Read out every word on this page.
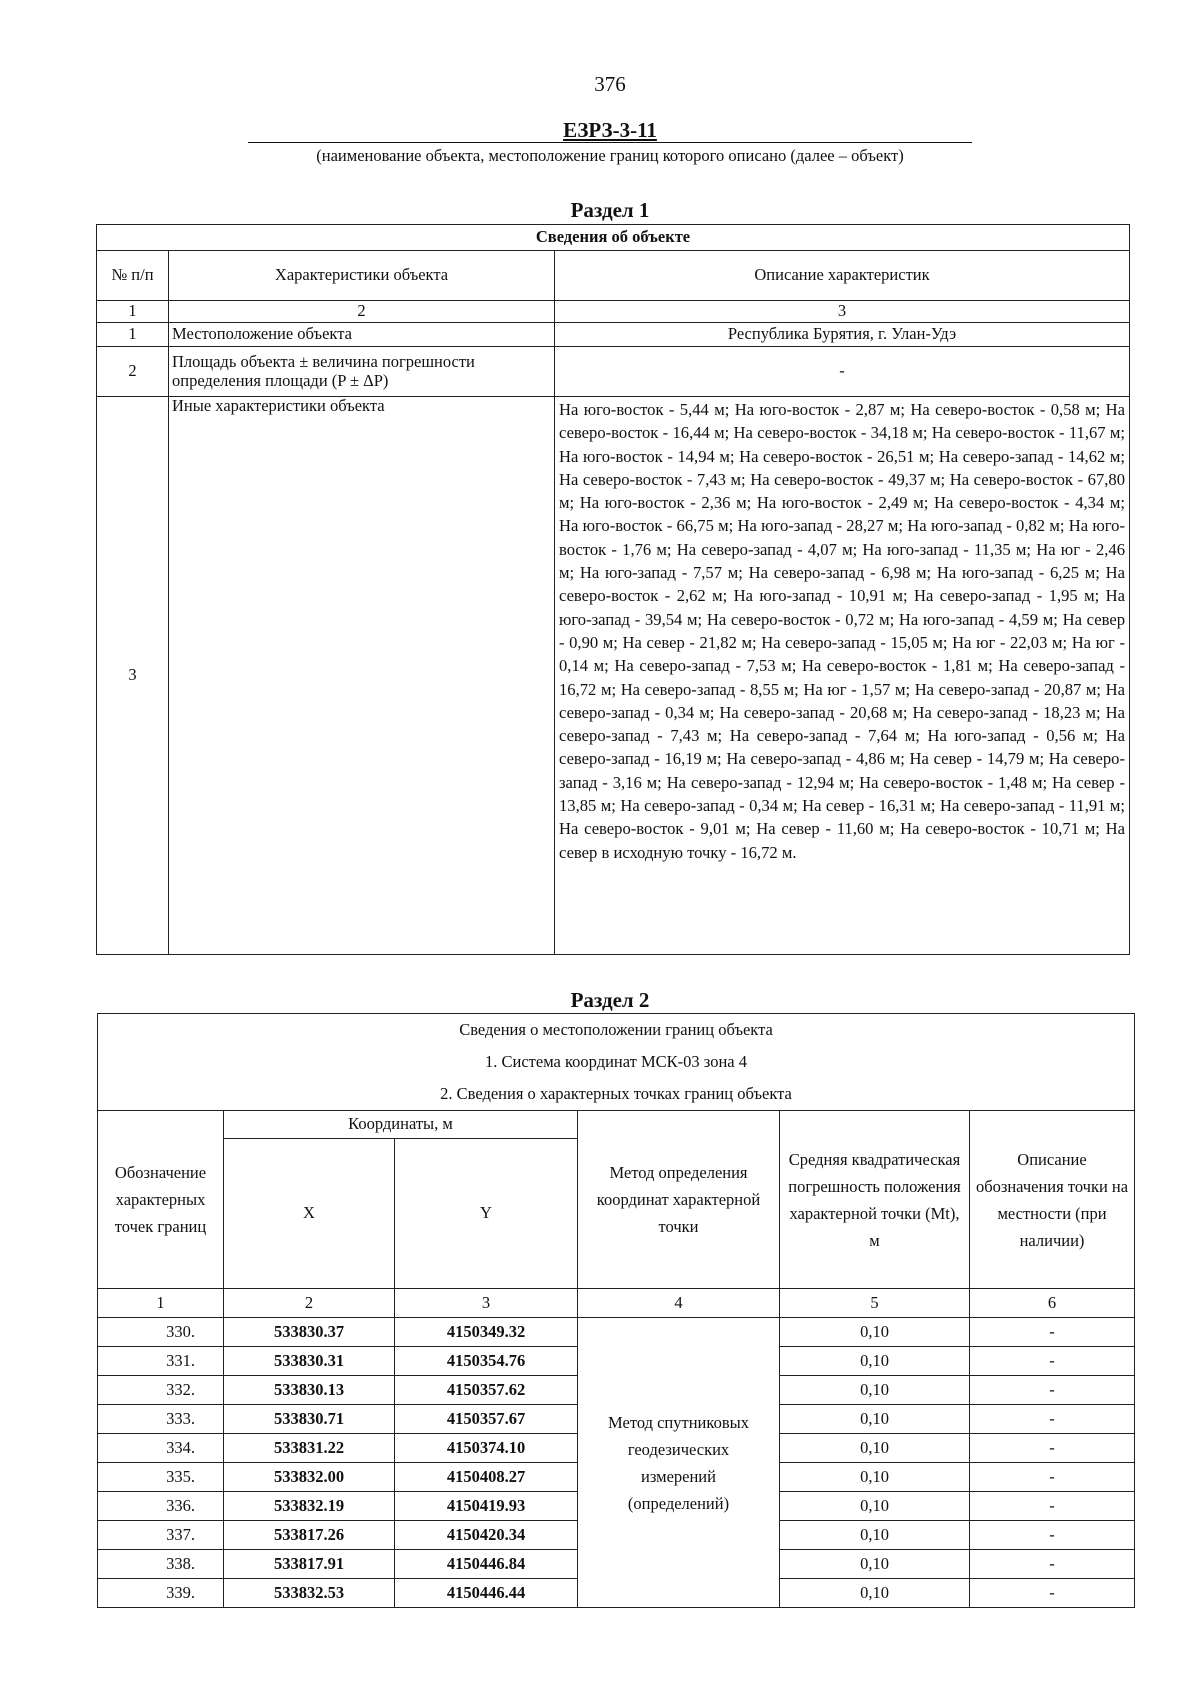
376
ЕЗРЗ-3-11
(наименование объекта, местоположение границ которого описано (далее – объект)
Раздел 1
Сведения об объекте		
№ п/п	Характеристики объекта	Описание характеристик
1	2	3
1	Местоположение объекта	Республика Бурятия, г. Улан-Удэ
2	Площадь объекта ± величина погрешности определения площади (P ± ΔP)	-
3	Иные характеристики объекта	На юго-восток - 5,44 м; На юго-восток - 2,87 м; На северо-восток - 0,58 м; На северо-восток - 16,44 м; На северо-восток - 34,18 м; На северо-восток - 11,67 м; На юго-восток - 14,94 м; На северо-восток - 26,51 м; На северо-запад - 14,62 м; На северо-восток - 7,43 м; На северо-восток - 49,37 м; На северо-восток - 67,80 м; На юго-восток - 2,36 м; На юго-восток - 2,49 м; На северо-восток - 4,34 м; На юго-восток - 66,75 м; На юго-запад - 28,27 м; На юго-запад - 0,82 м; На юго-восток - 1,76 м; На северо-запад - 4,07 м; На юго-запад - 11,35 м; На юг - 2,46 м; На юго-запад - 7,57 м; На северо-запад - 6,98 м; На юго-запад - 6,25 м; На северо-восток - 2,62 м; На юго-запад - 10,91 м; На северо-запад - 1,95 м; На юго-запад - 39,54 м; На северо-восток - 0,72 м; На юго-запад - 4,59 м; На север - 0,90 м; На север - 21,82 м; На северо-запад - 15,05 м; На юг - 22,03 м; На юг - 0,14 м; На северо-запад - 7,53 м; На северо-восток - 1,81 м; На северо-запад - 16,72 м; На северо-запад - 8,55 м; На юг - 1,57 м; На северо-запад - 20,87 м; На северо-запад - 0,34 м; На северо-запад - 20,68 м; На северо-запад - 18,23 м; На северо-запад - 7,43 м; На северо-запад - 7,64 м; На юго-запад - 0,56 м; На северо-запад - 16,19 м; На северо-запад - 4,86 м; На север - 14,79 м; На северо-запад - 3,16 м; На северо-запад - 12,94 м; На северо-восток - 1,48 м; На север - 13,85 м; На северо-запад - 0,34 м; На север - 16,31 м; На северо-запад - 11,91 м; На северо-восток - 9,01 м; На север - 11,60 м; На северо-восток - 10,71 м; На север в исходную точку - 16,72 м.
Раздел 2
Сведения о местоположении границ объекта					
1. Система координат МСК-03 зона 4					
2. Сведения о характерных точках границ объекта					
Обозначение характерных точек границ	Координаты, м		Метод определения координат характерной точки	Средняя квадратическая погрешность положения характерной точки (Mt), м	Описание обозначения точки на местности (при наличии)
	X	Y			
1	2	3	4	5	6
330.	533830.37	4150349.32	Метод спутниковых геодезических измерений (определений)	0,10	-
331.	533830.31	4150354.76		0,10	-
332.	533830.13	4150357.62		0,10	-
333.	533830.71	4150357.67		0,10	-
334.	533831.22	4150374.10		0,10	-
335.	533832.00	4150408.27		0,10	-
336.	533832.19	4150419.93		0,10	-
337.	533817.26	4150420.34		0,10	-
338.	533817.91	4150446.84		0,10	-
339.	533832.53	4150446.44		0,10	-
